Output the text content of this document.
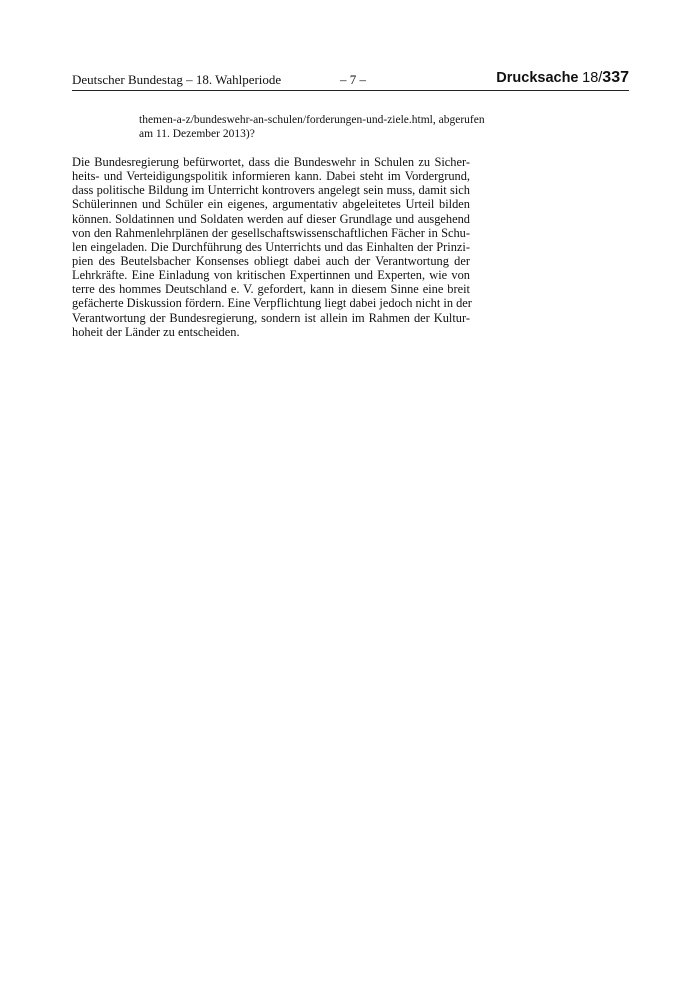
Deutscher Bundestag – 18. Wahlperiode	– 7 –	Drucksache 18/337

themen-a-z/bundeswehr-an-schulen/forderungen-und-ziele.html, abgerufen

am 11. Dezember 2013)?

Die Bundesregierung befürwortet, dass die Bundeswehr in Schulen zu Sicher-
heits- und Verteidigungspolitik informieren kann. Dabei steht im Vordergrund,
dass politische Bildung im Unterricht kontrovers angelegt sein muss, damit sich
Schülerinnen und Schüler ein eigenes, argumentativ abgeleitetes Urteil bilden
können. Soldatinnen und Soldaten werden auf dieser Grundlage und ausgehend
von den Rahmenlehrplänen der gesellschaftswissenschaftlichen Fächer in Schu-
len eingeladen. Die Durchführung des Unterrichts und das Einhalten der Prinzi-
pien des Beutelsbacher Konsenses obliegt dabei auch der Verantwortung der
Lehrkräfte. Eine Einladung von kritischen Expertinnen und Experten, wie von
terre des hommes Deutschland e. V. gefordert, kann in diesem Sinne eine breit
gefächerte Diskussion fördern. Eine Verpflichtung liegt dabei jedoch nicht in der
Verantwortung der Bundesregierung, sondern ist allein im Rahmen der Kultur-
hoheit der Länder zu entscheiden.
